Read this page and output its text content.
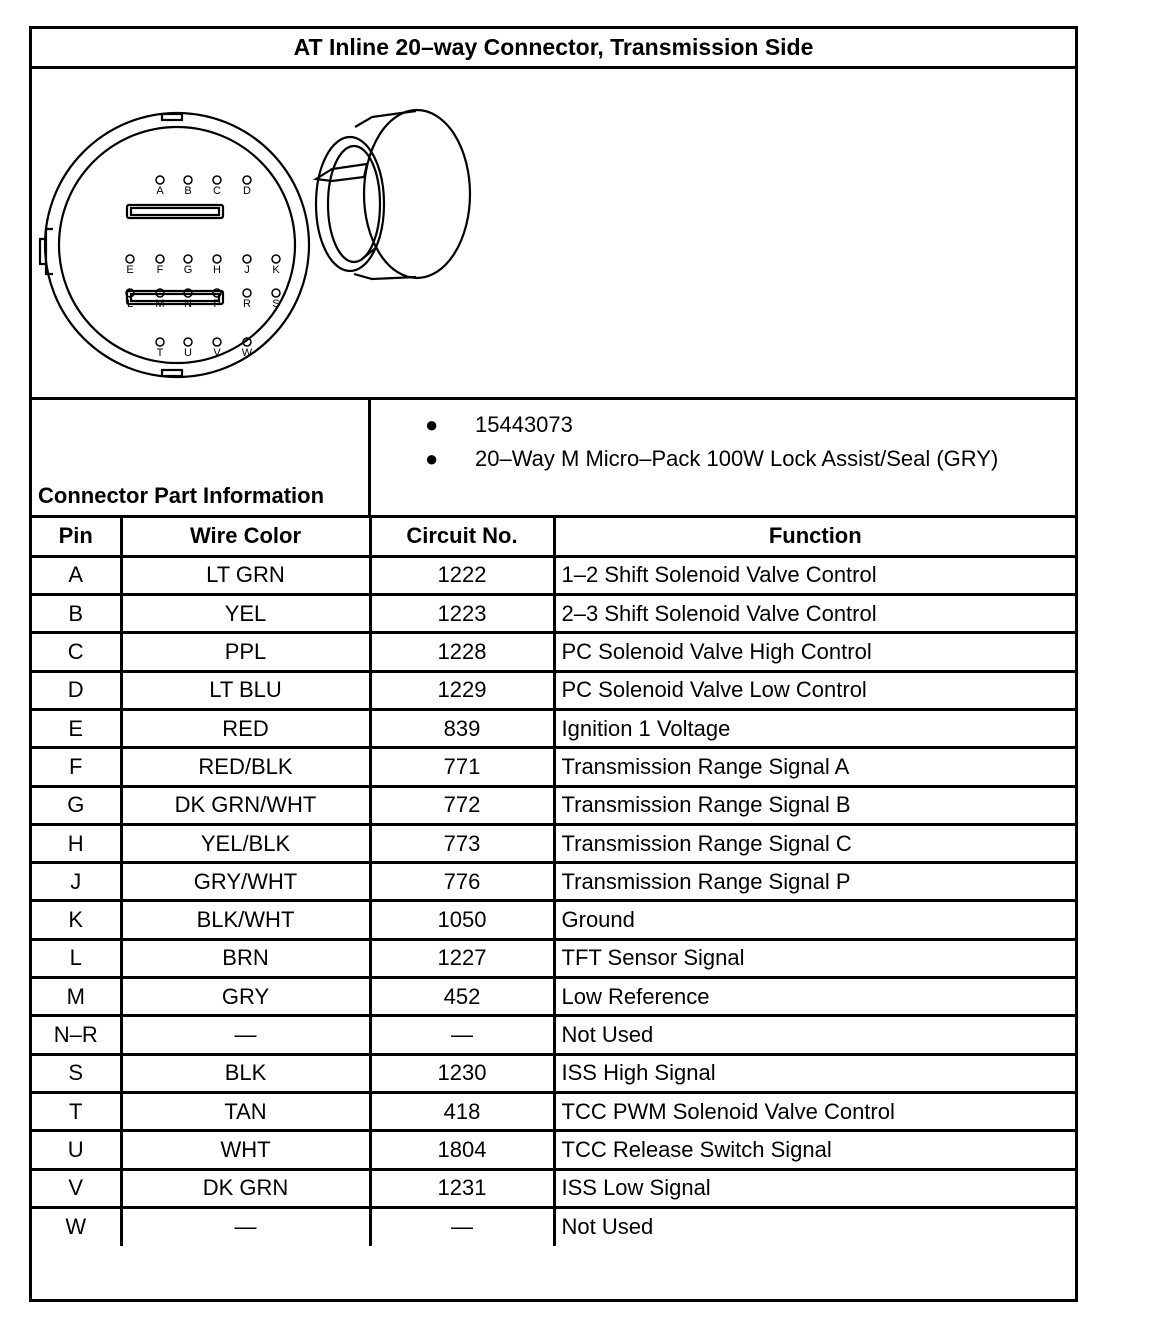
AT Inline 20–way Connector, Transmission Side
A B C D
E F G H J K
L M N P R S
T U V W
Connector Part Information
● 15443073
● 20–Way M Micro–Pack 100W Lock Assist/Seal (GRY)
Pin	Wire Color	Circuit No.	Function
A	LT GRN	1222	1–2 Shift Solenoid Valve Control
B	YEL	1223	2–3 Shift Solenoid Valve Control
C	PPL	1228	PC Solenoid Valve High Control
D	LT BLU	1229	PC Solenoid Valve Low Control
E	RED	839	Ignition 1 Voltage
F	RED/BLK	771	Transmission Range Signal A
G	DK GRN/WHT	772	Transmission Range Signal B
H	YEL/BLK	773	Transmission Range Signal C
J	GRY/WHT	776	Transmission Range Signal P
K	BLK/WHT	1050	Ground
L	BRN	1227	TFT Sensor Signal
M	GRY	452	Low Reference
N–R	—	—	Not Used
S	BLK	1230	ISS High Signal
T	TAN	418	TCC PWM Solenoid Valve Control
U	WHT	1804	TCC Release Switch Signal
V	DK GRN	1231	ISS Low Signal
W	—	—	Not Used
